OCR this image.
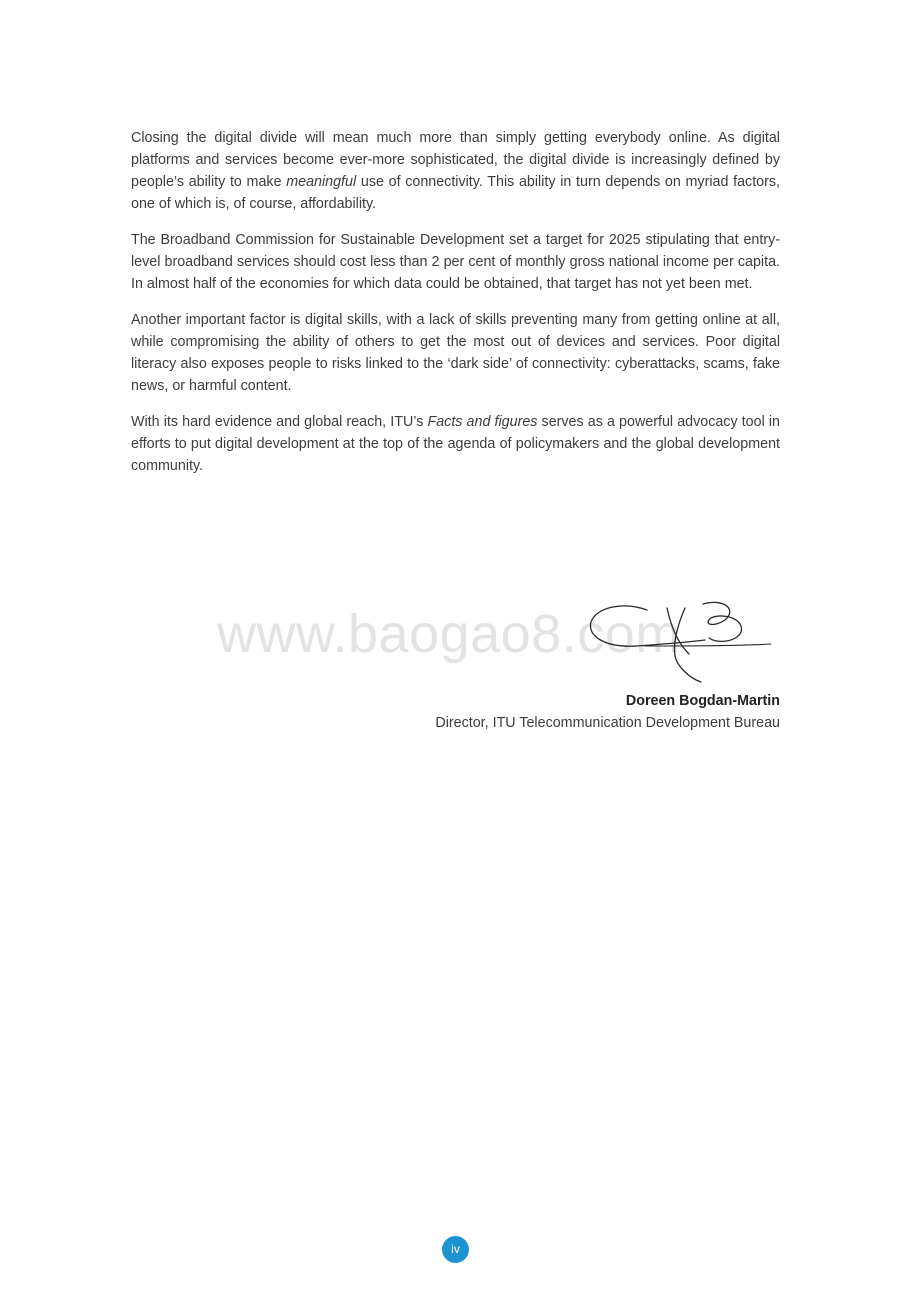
Closing the digital divide will mean much more than simply getting everybody online. As digital platforms and services become ever-more sophisticated, the digital divide is increasingly defined by people’s ability to make meaningful use of connectivity. This ability in turn depends on myriad factors, one of which is, of course, affordability.

The Broadband Commission for Sustainable Development set a target for 2025 stipulating that entry-level broadband services should cost less than 2 per cent of monthly gross national income per capita. In almost half of the economies for which data could be obtained, that target has not yet been met.

Another important factor is digital skills, with a lack of skills preventing many from getting online at all, while compromising the ability of others to get the most out of devices and services. Poor digital literacy also exposes people to risks linked to the ‘dark side’ of connectivity: cyberattacks, scams, fake news, or harmful content.

With its hard evidence and global reach, ITU’s Facts and figures serves as a powerful advocacy tool in efforts to put digital development at the top of the agenda of policymakers and the global development community.

www.baogao8.com
Doreen Bogdan-Martin
Director, ITU Telecommunication Development Bureau
iv
